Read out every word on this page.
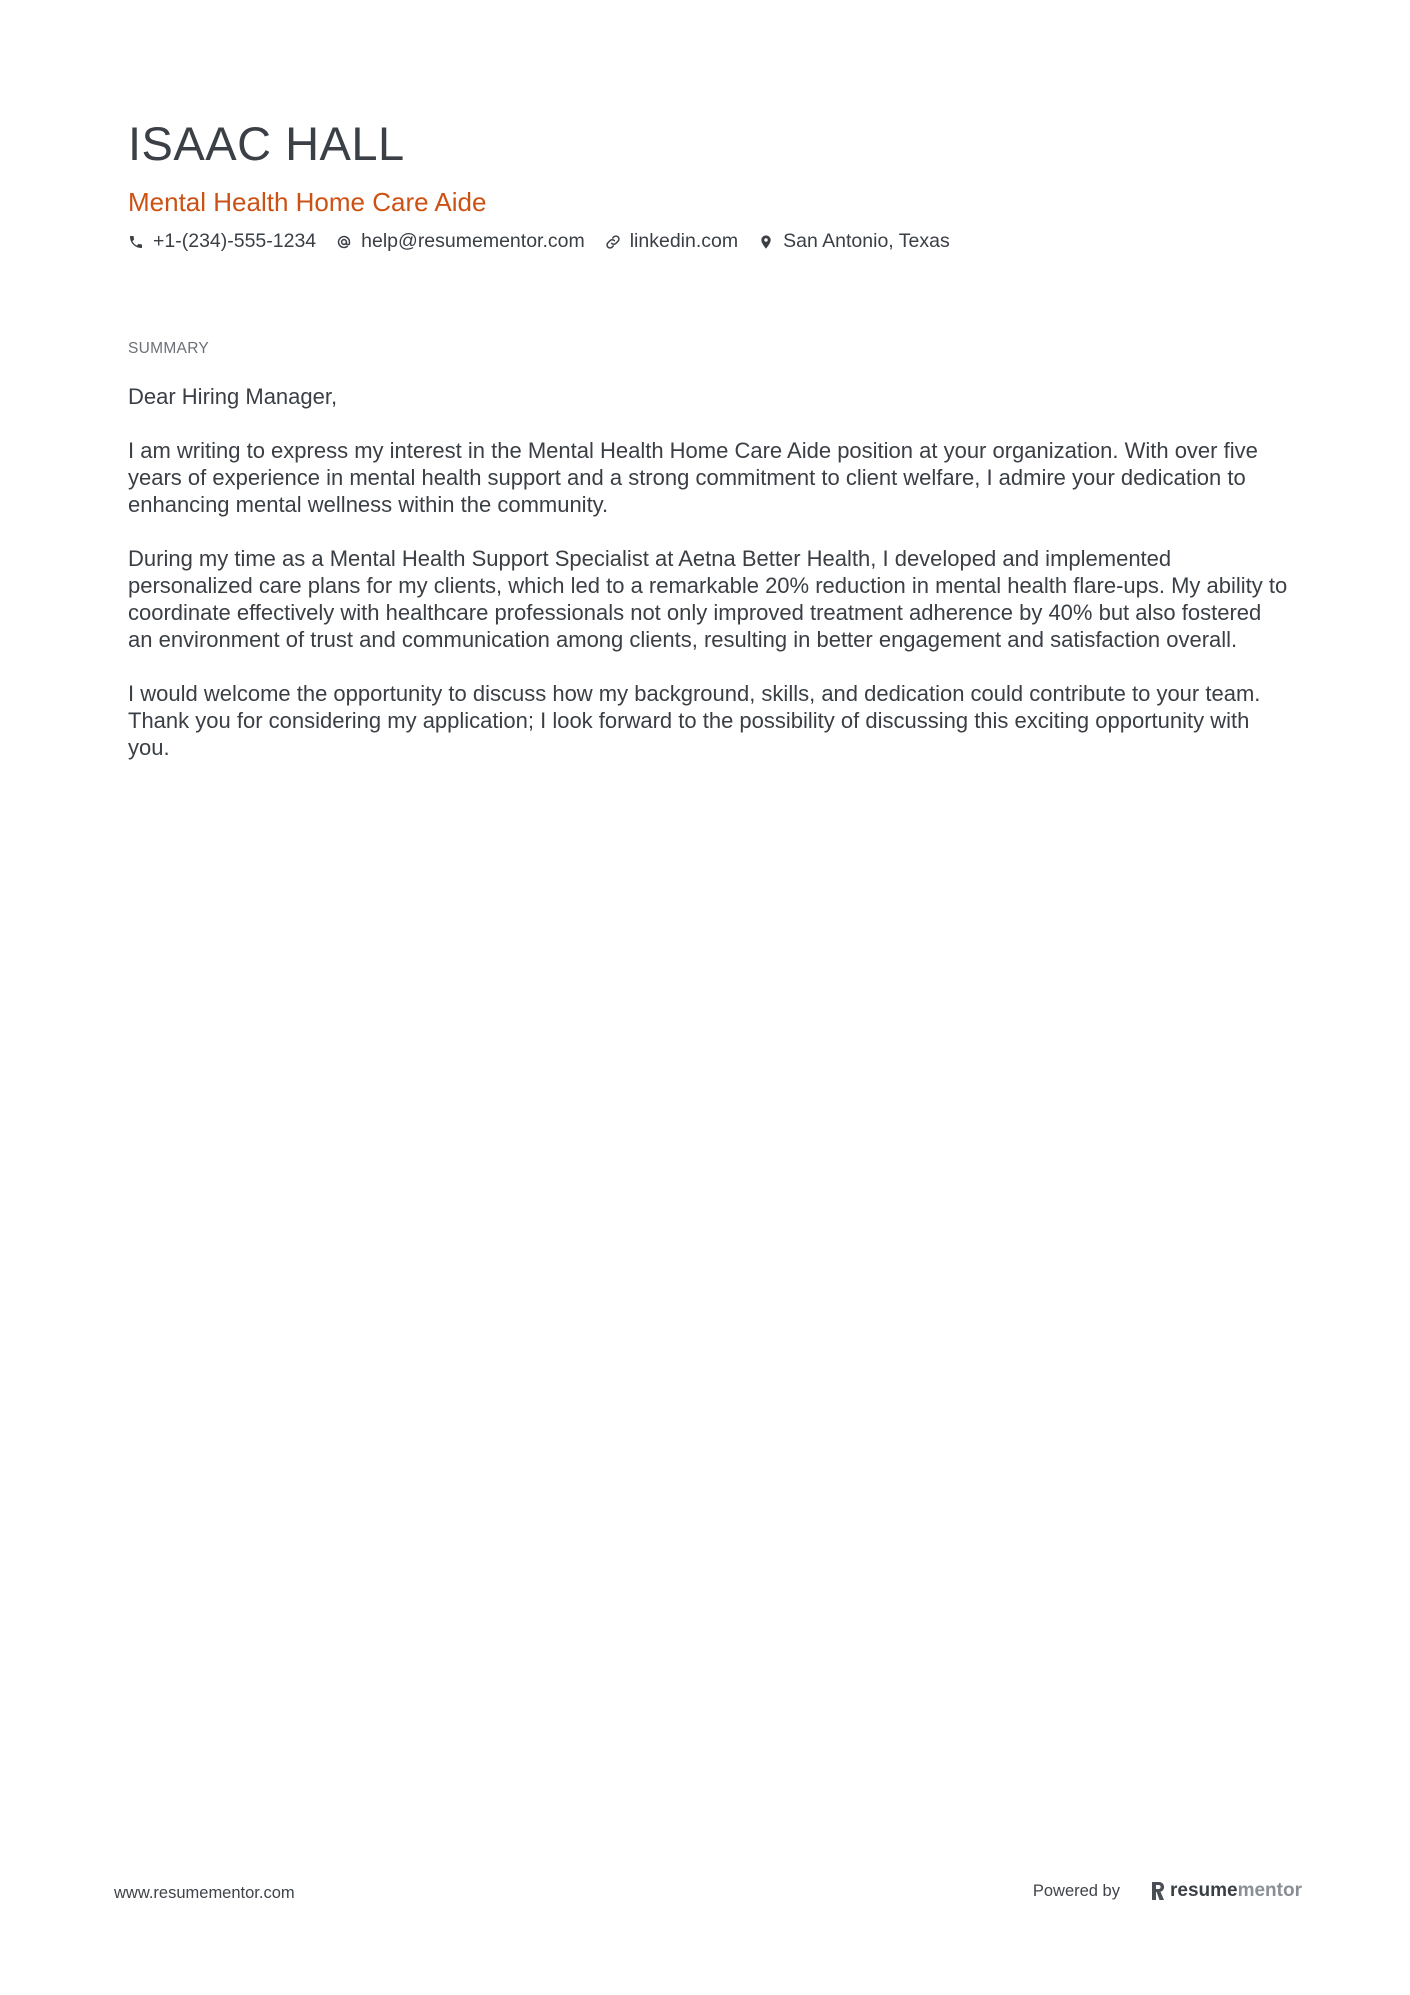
ISAAC HALL
Mental Health Home Care Aide
+1-(234)-555-1234 help@resumementor.com linkedin.com San Antonio, Texas
SUMMARY

Dear Hiring Manager,

I am writing to express my interest in the Mental Health Home Care Aide position at your organization. With over five years of experience in mental health support and a strong commitment to client welfare, I admire your dedication to enhancing mental wellness within the community.

During my time as a Mental Health Support Specialist at Aetna Better Health, I developed and implemented personalized care plans for my clients, which led to a remarkable 20% reduction in mental health flare-ups. My ability to coordinate effectively with healthcare professionals not only improved treatment adherence by 40% but also fostered an environment of trust and communication among clients, resulting in better engagement and satisfaction overall.

I would welcome the opportunity to discuss how my background, skills, and dedication could contribute to your team. Thank you for considering my application; I look forward to the possibility of discussing this exciting opportunity with you.

www.resumementor.com	Powered by	resume mentor
